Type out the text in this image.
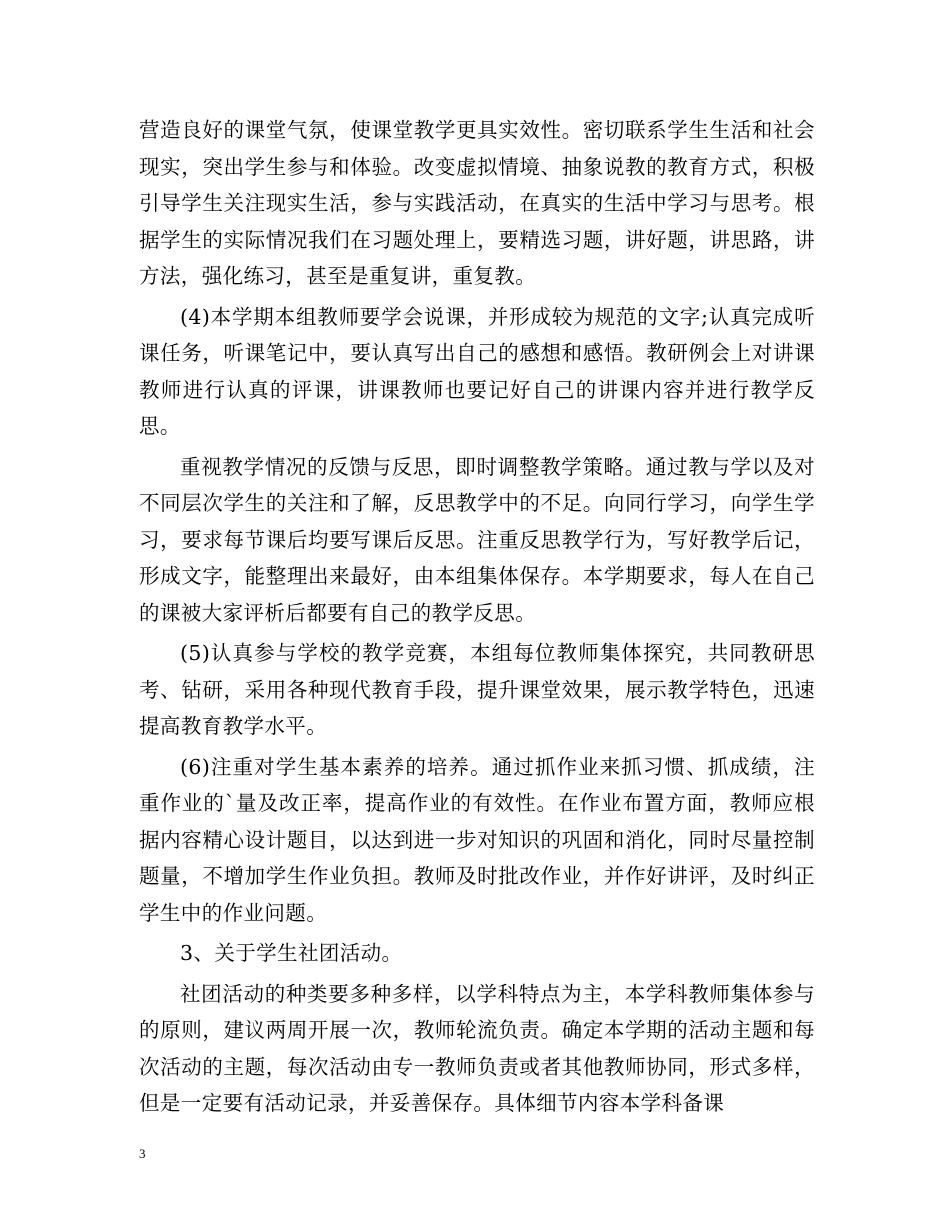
营造良好的课堂气氛，使课堂教学更具实效性。密切联系学生生活和社会现实，突出学生参与和体验。改变虚拟情境、抽象说教的教育方式，积极引导学生关注现实生活，参与实践活动，在真实的生活中学习与思考。根据学生的实际情况我们在习题处理上，要精选习题，讲好题，讲思路，讲方法，强化练习，甚至是重复讲，重复教。

(4)本学期本组教师要学会说课，并形成较为规范的文字;认真完成听课任务，听课笔记中，要认真写出自己的感想和感悟。教研例会上对讲课教师进行认真的评课，讲课教师也要记好自己的讲课内容并进行教学反思。

重视教学情况的反馈与反思，即时调整教学策略。通过教与学以及对不同层次学生的关注和了解，反思教学中的不足。向同行学习，向学生学习，要求每节课后均要写课后反思。注重反思教学行为，写好教学后记，形成文字，能整理出来最好，由本组集体保存。本学期要求，每人在自己的课被大家评析后都要有自己的教学反思。

(5)认真参与学校的教学竞赛，本组每位教师集体探究，共同教研思考、钻研，采用各种现代教育手段，提升课堂效果，展示教学特色，迅速提高教育教学水平。

(6)注重对学生基本素养的培养。通过抓作业来抓习惯、抓成绩，注重作业的`量及改正率，提高作业的有效性。在作业布置方面，教师应根据内容精心设计题目，以达到进一步对知识的巩固和消化，同时尽量控制题量，不增加学生作业负担。教师及时批改作业，并作好讲评，及时纠正学生中的作业问题。

3、关于学生社团活动。

社团活动的种类要多种多样，以学科特点为主，本学科教师集体参与的原则，建议两周开展一次，教师轮流负责。确定本学期的活动主题和每次活动的主题，每次活动由专一教师负责或者其他教师协同，形式多样，但是一定要有活动记录，并妥善保存。具体细节内容本学科备课

3
